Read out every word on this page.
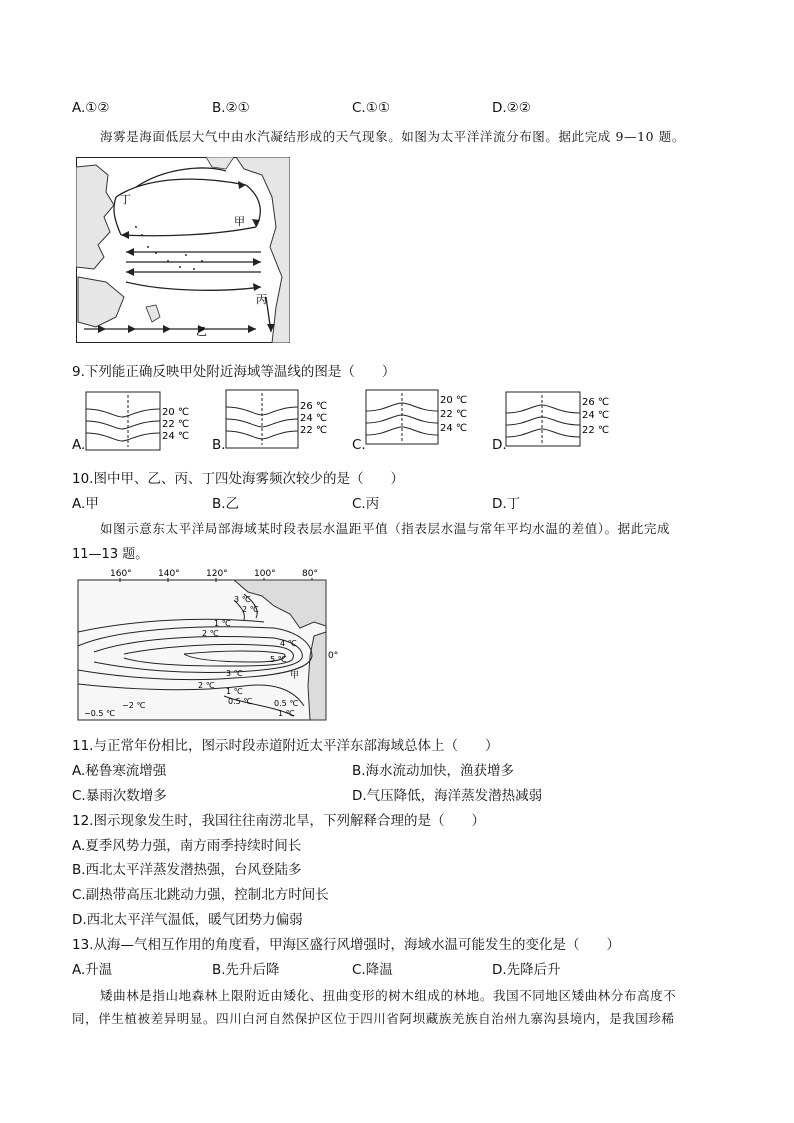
A.①②	B.②①	C.①①	D.②②
海雾是海面低层大气中由水汽凝结形成的天气现象。如图为太平洋洋流分布图。据此完成 9—10 题。
丁
甲
丙
乙
9.下列能正确反映甲处附近海域等温线的图是（　　）
A.
20 ℃
22 ℃
24 ℃
B.
26 ℃
24 ℃
22 ℃
C.
20 ℃
22 ℃
24 ℃
D.
26 ℃
24 ℃
22 ℃
10.图中甲、乙、丙、丁四处海雾频次较少的是（　　）
A.甲	B.乙	C.丙	D.丁
如图示意东太平洋局部海域某时段表层水温距平值（指表层水温与常年平均水温的差值）。据此完成
11—13 题。
160°	140°	120°	100°	80°
0°
3 ℃
2 ℃
1 ℃
2 ℃
4 ℃
5 ℃
3 ℃	甲
2 ℃
1 ℃
0.5 ℃	0.5 ℃
1 ℃
−2 ℃
−0.5 ℃
11.与正常年份相比，图示时段赤道附近太平洋东部海域总体上（　　）
A.秘鲁寒流增强	B.海水流动加快，渔获增多
C.暴雨次数增多	D.气压降低，海洋蒸发潜热减弱
12.图示现象发生时，我国往往南涝北旱，下列解释合理的是（　　）
A.夏季风势力强，南方雨季持续时间长
B.西北太平洋蒸发潜热强，台风登陆多
C.副热带高压北跳动力强，控制北方时间长
D.西北太平洋气温低，暖气团势力偏弱
13.从海—气相互作用的角度看，甲海区盛行风增强时，海域水温可能发生的变化是（　　）
A.升温	B.先升后降	C.降温	D.先降后升
矮曲林是指山地森林上限附近由矮化、扭曲变形的树木组成的林地。我国不同地区矮曲林分布高度不
同，伴生植被差异明显。四川白河自然保护区位于四川省阿坝藏族羌族自治州九寨沟县境内，是我国珍稀
